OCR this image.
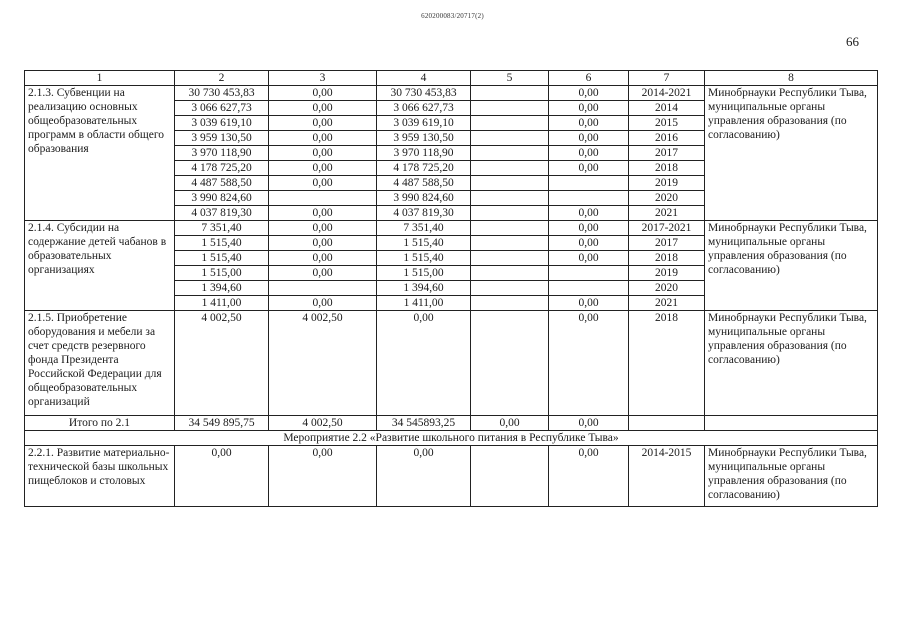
620200083/20717(2)
66
1	2	3	4	5	6	7	8
2.1.3. Субвенции на реализацию основных общеобразовательных программ в области общего образования	30 730 453,83	0,00	30 730 453,83		0,00	2014-2021	Минобрнауки Республики Тыва, муниципальные органы управления образования (по согласованию)
	3 066 627,73	0,00	3 066 627,73		0,00	2014	
	3 039 619,10	0,00	3 039 619,10		0,00	2015	
	3 959 130,50	0,00	3 959 130,50		0,00	2016	
	3 970 118,90	0,00	3 970 118,90		0,00	2017	
	4 178 725,20	0,00	4 178 725,20		0,00	2018	
	4 487 588,50	0,00	4 487 588,50			2019	
	3 990 824,60		3 990 824,60			2020	
	4 037 819,30	0,00	4 037 819,30		0,00	2021	
2.1.4. Субсидии на содержание детей чабанов в образовательных организациях	7 351,40	0,00	7 351,40		0,00	2017-2021	Минобрнауки Республики Тыва, муниципальные органы управления образования (по согласованию)
	1 515,40	0,00	1 515,40		0,00	2017	
	1 515,40	0,00	1 515,40		0,00	2018	
	1 515,00	0,00	1 515,00			2019	
	1 394,60		1 394,60			2020	
	1 411,00	0,00	1 411,00		0,00	2021	
2.1.5. Приобретение оборудования и мебели за счет средств резервного фонда Президента Российской Федерации для общеобразовательных организаций	4 002,50	4 002,50	0,00		0,00	2018	Минобрнауки Республики Тыва, муниципальные органы управления образования (по согласованию)
Итого по 2.1	34 549 895,75	4 002,50	34 545893,25	0,00	0,00		
Мероприятие 2.2 «Развитие школьного питания в Республике Тыва»							
2.2.1. Развитие материально-технической базы школьных пищеблоков и столовых	0,00	0,00	0,00		0,00	2014-2015	Минобрнауки Республики Тыва, муниципальные органы управления образования (по согласованию)
